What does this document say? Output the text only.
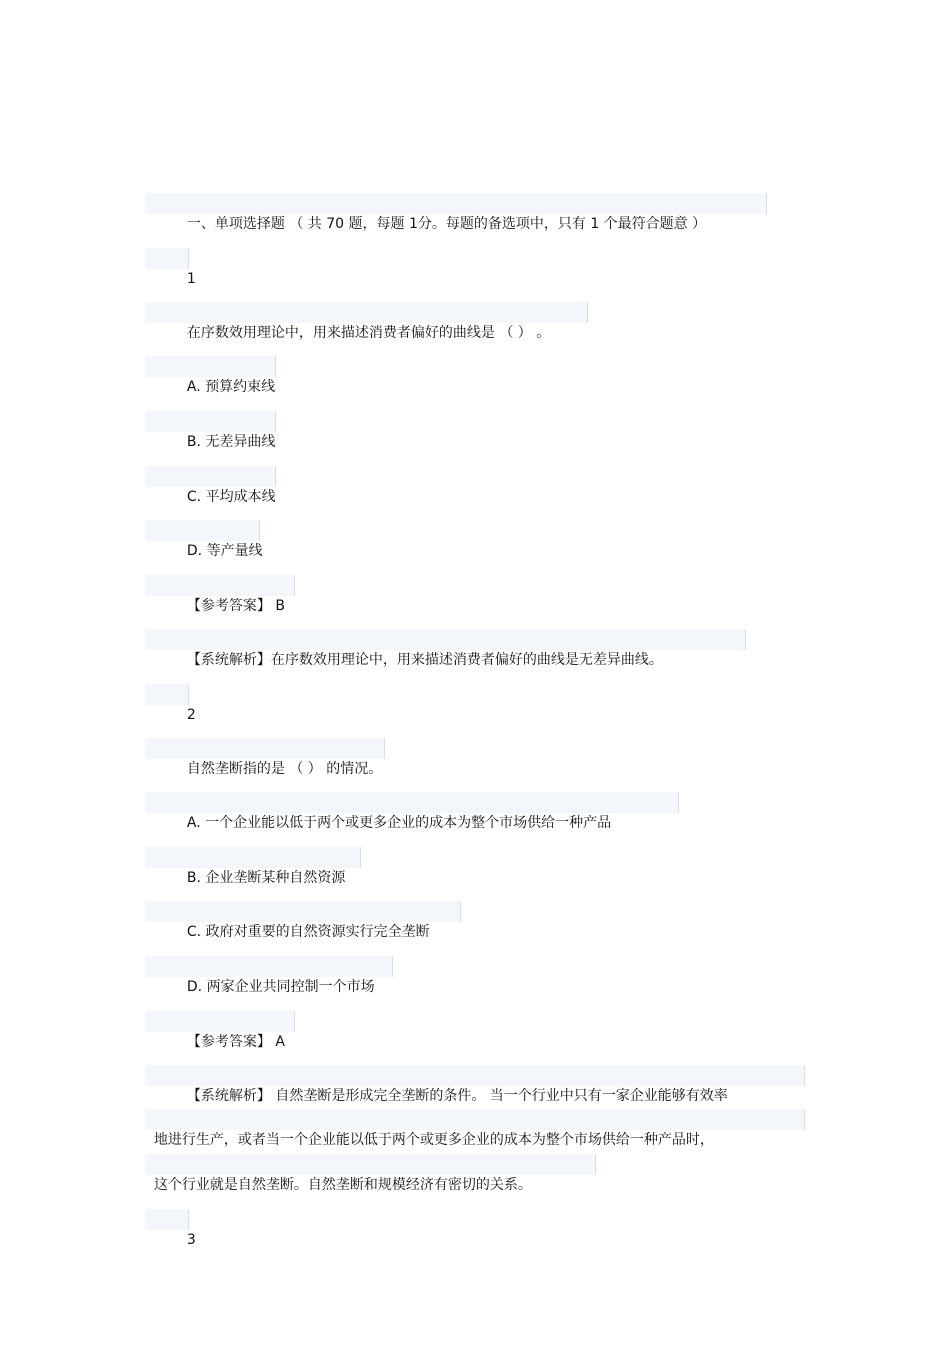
一、单项选择题 （ 共 70 题，每题 1分。每题的备选项中，只有 1 个最符合题意 ）

1

在序数效用理论中，用来描述消费者偏好的曲线是 （ ） 。

A. 预算约束线

B. 无差异曲线

C. 平均成本线

D. 等产量线

【参考答案】 B

【系统解析】在序数效用理论中，用来描述消费者偏好的曲线是无差异曲线。

2

自然垄断指的是 （ ） 的情况。

A. 一个企业能以低于两个或更多企业的成本为整个市场供给一种产品

B. 企业垄断某种自然资源

C. 政府对重要的自然资源实行完全垄断

D. 两家企业共同控制一个市场

【参考答案】 A

【系统解析】 自然垄断是形成完全垄断的条件。 当一个行业中只有一家企业能够有效率

地进行生产，或者当一个企业能以低于两个或更多企业的成本为整个市场供给一种产品时，

这个行业就是自然垄断。自然垄断和规模经济有密切的关系。

3
